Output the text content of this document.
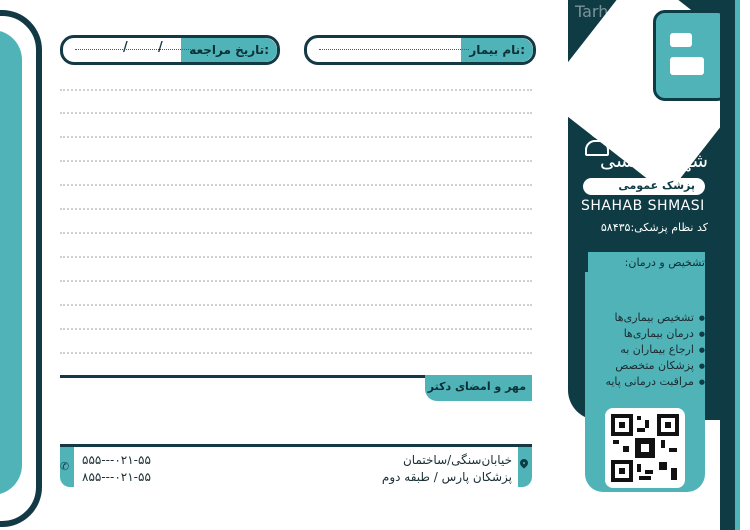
نام بیمار:
تاریخ مراجعه:
/ /
مهر و امضای دکتر
✆ ۰۲۱-۵۵---۵۵۵
۰۲۱-۵۵---۸۵۵
خیابان‌سنگی/ساختمان
پزشکان پارس / طبقه دوم
شهاب‌شمسی
پزشک عمومی
SHAHAB SHMASI
کد نظام پزشکی:۵۸۴۳۵
تشخیص و درمان:
● تشخیص بیماری‌ها
● درمان بیماری‌ها
● ارجاع بیماران به
● پزشکان متخصص
● مراقبت درمانی پایه
Tarh.ir
